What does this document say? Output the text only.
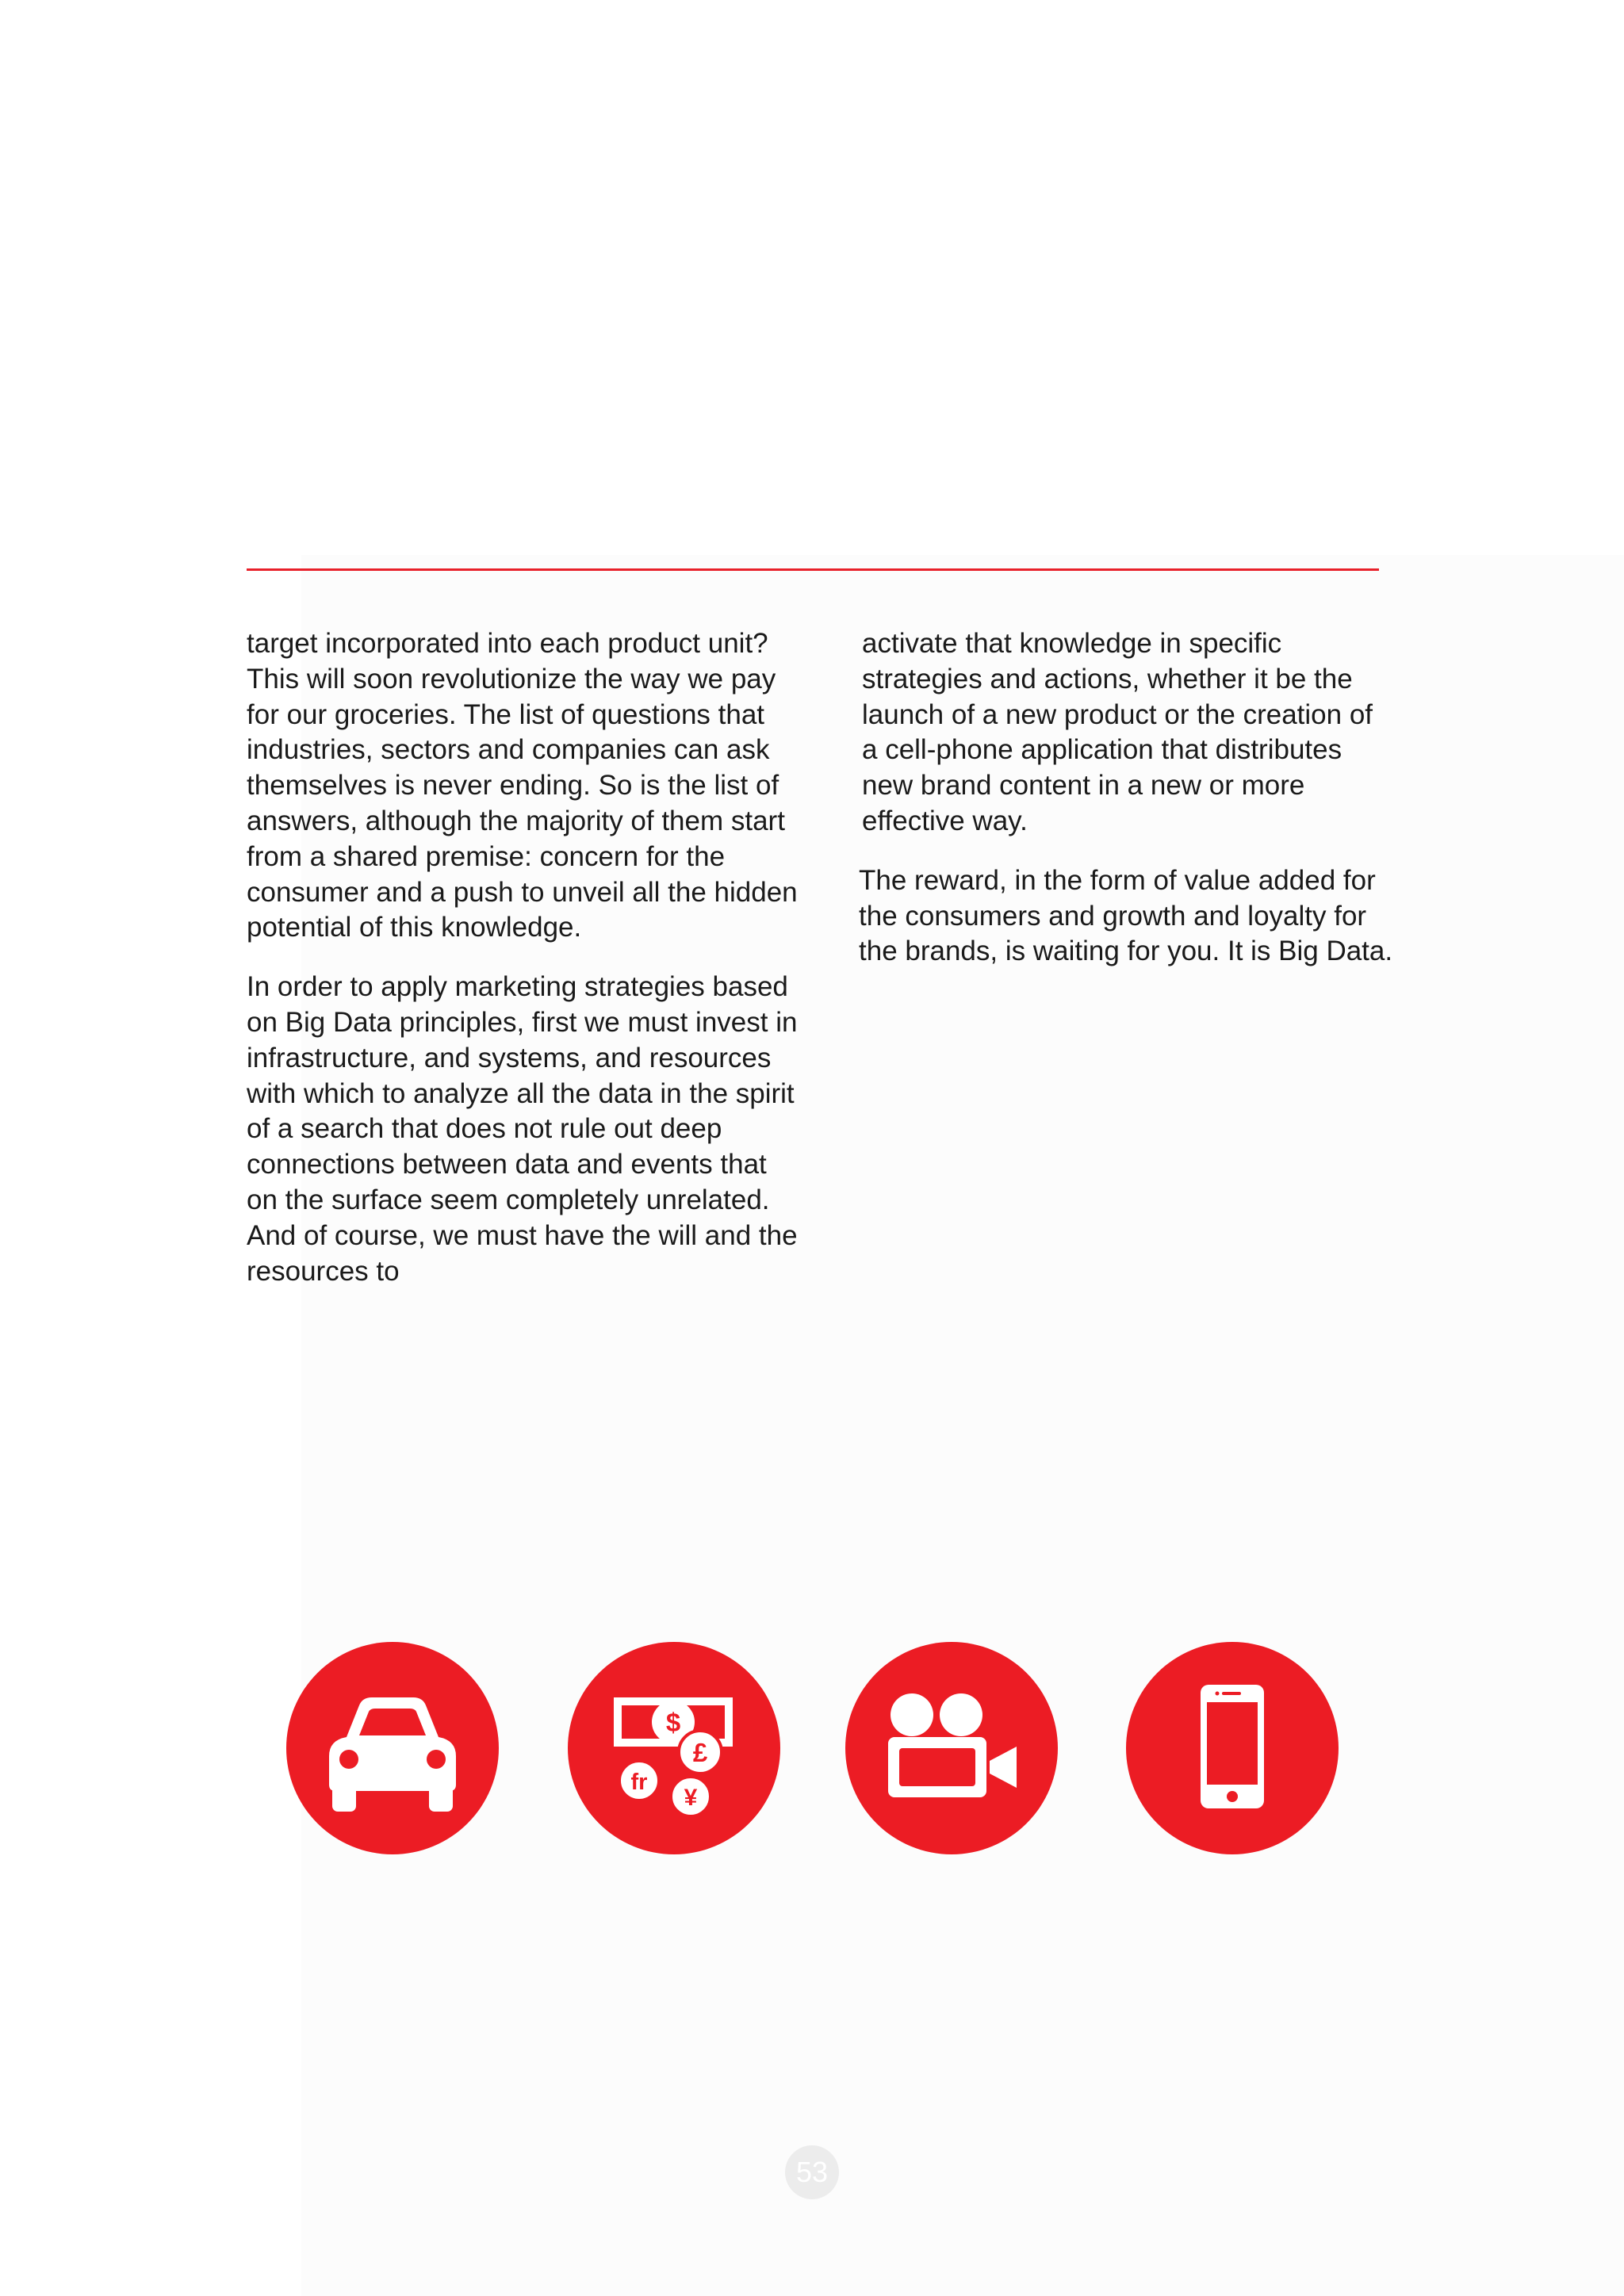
target incorporated into each product unit? This will soon revolutionize the way we pay for our groceries. The list of questions that industries, sectors and companies can ask themselves is never ending. So is the list of answers, although the majority of them start from a shared premise: concern for the consumer and a push to unveil all the hidden potential of this knowledge.

In order to apply marketing strategies based on Big Data principles, first we must invest in infrastructure, and systems, and resources with which to analyze all the data in the spirit of a search that does not rule out deep connections between data and events that on the surface seem completely unrelated. And of course, we must have the will and the resources to

activate that knowledge in specific strategies and actions, whether it be the launch of a new product or the creation of a cell-phone application that distributes new brand content in a new or more effective way.

The reward, in the form of value added for the consumers and growth and loyalty for the brands, is waiting for you. It is Big Data.

$
£
fr
¥
53
